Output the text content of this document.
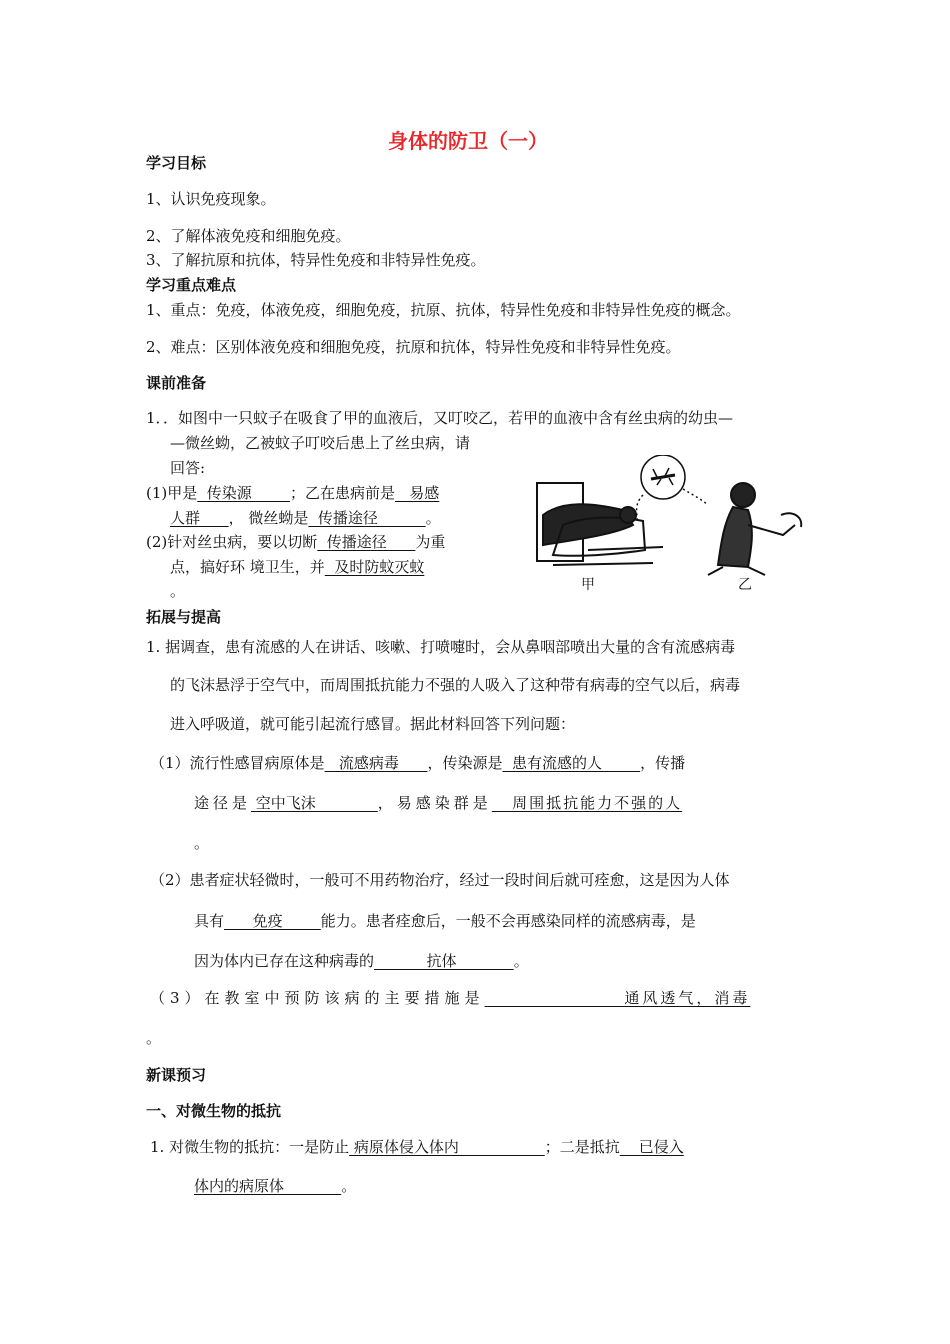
身体的防卫（一）
学习目标
1、认识免疫现象。
2、了解体液免疫和细胞免疫。
3、了解抗原和抗体，特异性免疫和非特异性免疫。
学习重点难点
1、重点：免疫，体液免疫，细胞免疫，抗原、抗体，特异性免疫和非特异性免疫的概念。
2、难点：区别体液免疫和细胞免疫，抗原和抗体，特异性免疫和非特异性免疫。
课前准备
1．．如图中一只蚊子在吸食了甲的血液后，又叮咬乙，若甲的血液中含有丝虫病的幼虫—
—微丝蚴，乙被蚊子叮咬后患上了丝虫病，请
回答:
(1)甲是  传染源        ；乙在患病前是   易感
人群      ， 微丝蚴是  传播途径          。
(2)针对丝虫病，要以切断  传播途径      为重
点，搞好环 境卫生，并  及时防蚊灭蚊
。	甲	乙
拓展与提高
1. 据调查，患有流感的人在讲话、咳嗽、打喷嚏时，会从鼻咽部喷出大量的含有流感病毒
的飞沫悬浮于空气中，而周围抵抗能力不强的人吸入了这种带有病毒的空气以后，病毒
进入呼吸道，就可能引起流行感冒。据此材料回答下列问题：
（1）流行性感冒病原体是   流感病毒      ，传染源是  患有流感的人        ，传播
途径是 空中飞沫             ，易感染群是   周围抵抗能力不强的人
。
（2）患者症状轻微时，一般可不用药物治疗，经过一段时间后就可痊愈，这是因为人体
具有      免疫        能力。患者痊愈后，一般不会再感染同样的流感病毒，是
因为体内已存在这种病毒的           抗体            。
（3）在教室中预防该病的主要措施是                  通风透气，消毒
。
新课预习
一、对微生物的抵抗
1. 对微生物的抵抗：一是防止 病原体侵入体内                  ；二是抵抗    已侵入
体内的病原体            。
